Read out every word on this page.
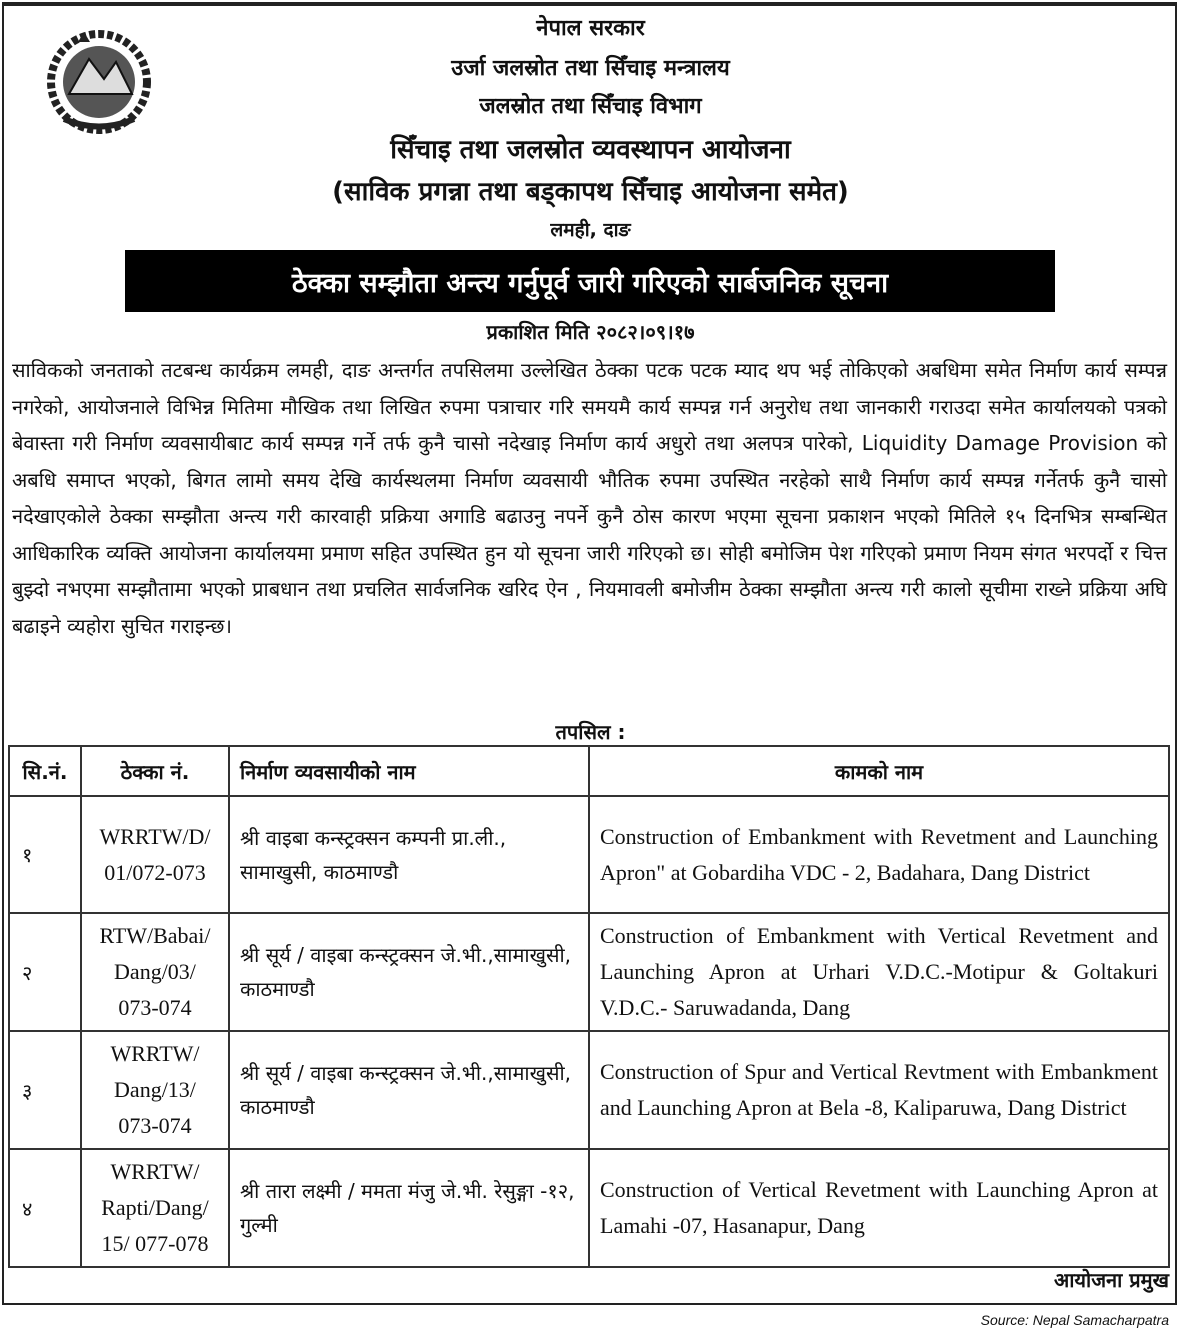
नेपाल सरकार
उर्जा जलस्रोत तथा सिँचाइ मन्त्रालय
जलस्रोत तथा सिँचाइ विभाग
सिँचाइ तथा जलस्रोत व्यवस्थापन आयोजना
(साविक प्रगन्ना तथा बड्कापथ सिँचाइ आयोजना समेत)
लमही, दाङ
ठेक्का सम्झौता अन्त्य गर्नुपूर्व जारी गरिएको सार्बजनिक सूचना
प्रकाशित मिति २०८२।०९।१७
साविकको जनताको तटबन्ध कार्यक्रम लमही, दाङ अन्तर्गत तपसिलमा उल्लेखित ठेक्का पटक पटक म्याद थप भई तोकिएको अबधिमा समेत निर्माण कार्य सम्पन्न नगरेको, आयोजनाले विभिन्न मितिमा मौखिक तथा लिखित रुपमा पत्राचार गरि समयमै कार्य सम्पन्न गर्न अनुरोध तथा जानकारी गराउदा समेत कार्यालयको पत्रको बेवास्ता गरी निर्माण व्यवसायीबाट कार्य सम्पन्न गर्ने तर्फ कुनै चासो नदेखाइ निर्माण कार्य अधुरो तथा अलपत्र पारेको, Liquidity Damage Provision को अबधि समाप्त भएको, बिगत लामो समय देखि कार्यस्थलमा निर्माण व्यवसायी भौतिक रुपमा उपस्थित नरहेको साथै निर्माण कार्य सम्पन्न गर्नेतर्फ कुनै चासो नदेखाएकोले ठेक्का सम्झौता अन्त्य गरी कारवाही प्रक्रिया अगाडि बढाउनु नपर्ने कुनै ठोस कारण भएमा सूचना प्रकाशन भएको मितिले १५ दिनभित्र सम्बन्धित आधिकारिक व्यक्ति आयोजना कार्यालयमा प्रमाण सहित उपस्थित हुन यो सूचना जारी गरिएको छ। सोही बमोजिम पेश गरिएको प्रमाण नियम संगत भरपर्दो र चित्त बुझ्दो नभएमा सम्झौतामा भएको प्राबधान तथा प्रचलित सार्वजनिक खरिद ऐन , नियमावली बमोजीम ठेक्का सम्झौता अन्त्य गरी कालो सूचीमा राख्ने प्रक्रिया अघि बढाइने व्यहोरा सुचित गराइन्छ।
तपसिल :
सि.नं.	ठेक्का नं.	निर्माण व्यवसायीको नाम	कामको नाम
१	WRRTW/D/ 01/072-073	श्री वाइबा कन्स्ट्रक्सन कम्पनी प्रा.ली., सामाखुसी, काठमाण्डौ	Construction of Embankment with Revetment and Launching Apron" at Gobardiha VDC - 2, Badahara, Dang District
२	RTW/Babai/ Dang/03/ 073-074	श्री सूर्य / वाइबा कन्स्ट्रक्सन जे.भी.,सामाखुसी, काठमाण्डौ	Construction of Embankment with Vertical Revetment and Launching Apron at Urhari V.D.C.-Motipur & Goltakuri V.D.C.- Saruwadanda, Dang
३	WRRTW/ Dang/13/ 073-074	श्री सूर्य / वाइबा कन्स्ट्रक्सन जे.भी.,सामाखुसी, काठमाण्डौ	Construction of Spur and Vertical Revtment with Embankment and Launching Apron at Bela -8, Kaliparuwa, Dang District
४	WRRTW/ Rapti/Dang/ 15/ 077-078	श्री तारा लक्ष्मी / ममता मंजु जे.भी. रेसुङ्गा -१२, गुल्मी	Construction of Vertical Revetment with Launching Apron at Lamahi -07, Hasanapur, Dang
आयोजना प्रमुख
Source: Nepal Samacharpatra
